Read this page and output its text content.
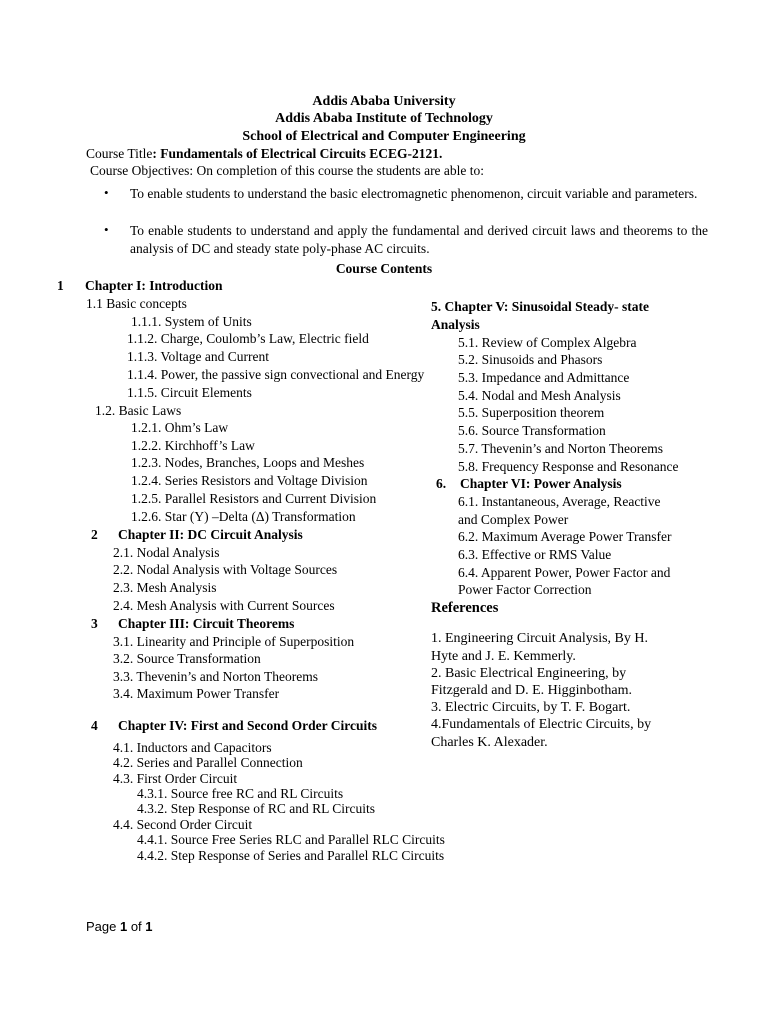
Addis Ababa University
Addis Ababa Institute of Technology
School of Electrical and Computer Engineering
Course Title: Fundamentals of Electrical Circuits ECEG-2121.
Course Objectives: On completion of this course the students are able to:
• To enable students to understand the basic electromagnetic phenomenon, circuit variable and parameters.
• To enable students to understand and apply the fundamental and derived circuit laws and theorems to the analysis of DC and steady state poly-phase AC circuits.
Course Contents
1 Chapter I: Introduction
1.1 Basic concepts
1.1.1. System of Units
1.1.2. Charge, Coulomb’s Law, Electric field
1.1.3. Voltage and Current
1.1.4. Power, the passive sign convectional and Energy
1.1.5. Circuit Elements
1.2. Basic Laws
1.2.1. Ohm’s Law
1.2.2. Kirchhoff’s Law
1.2.3. Nodes, Branches, Loops and Meshes
1.2.4. Series Resistors and Voltage Division
1.2.5. Parallel Resistors and Current Division
1.2.6. Star (Y) –Delta (Δ) Transformation
2 Chapter II: DC Circuit Analysis
2.1. Nodal Analysis
2.2. Nodal Analysis with Voltage Sources
2.3. Mesh Analysis
2.4. Mesh Analysis with Current Sources
3 Chapter III: Circuit Theorems
3.1. Linearity and Principle of Superposition
3.2. Source Transformation
3.3. Thevenin’s and Norton Theorems
3.4. Maximum Power Transfer
4 Chapter IV: First and Second Order Circuits
4.1. Inductors and Capacitors
4.2. Series and Parallel Connection
4.3. First Order Circuit
4.3.1. Source free RC and RL Circuits
4.3.2. Step Response of RC and RL Circuits
4.4. Second Order Circuit
4.4.1. Source Free Series RLC and Parallel RLC Circuits
4.4.2. Step Response of Series and Parallel RLC Circuits
5. Chapter V: Sinusoidal Steady- state
Analysis
5.1. Review of Complex Algebra
5.2. Sinusoids and Phasors
5.3. Impedance and Admittance
5.4. Nodal and Mesh Analysis
5.5. Superposition theorem
5.6. Source Transformation
5.7. Thevenin’s and Norton Theorems
5.8. Frequency Response and Resonance
6. Chapter VI: Power Analysis
6.1. Instantaneous, Average, Reactive
and Complex Power
6.2. Maximum Average Power Transfer
6.3. Effective or RMS Value
6.4. Apparent Power, Power Factor and
Power Factor Correction
References
1. Engineering Circuit Analysis, By H.
Hyte and J. E. Kemmerly.
2. Basic Electrical Engineering, by
Fitzgerald and D. E. Higginbotham.
3. Electric Circuits, by T. F. Bogart.
4.Fundamentals of Electric Circuits, by
Charles K. Alexader.
Page 1 of 1
